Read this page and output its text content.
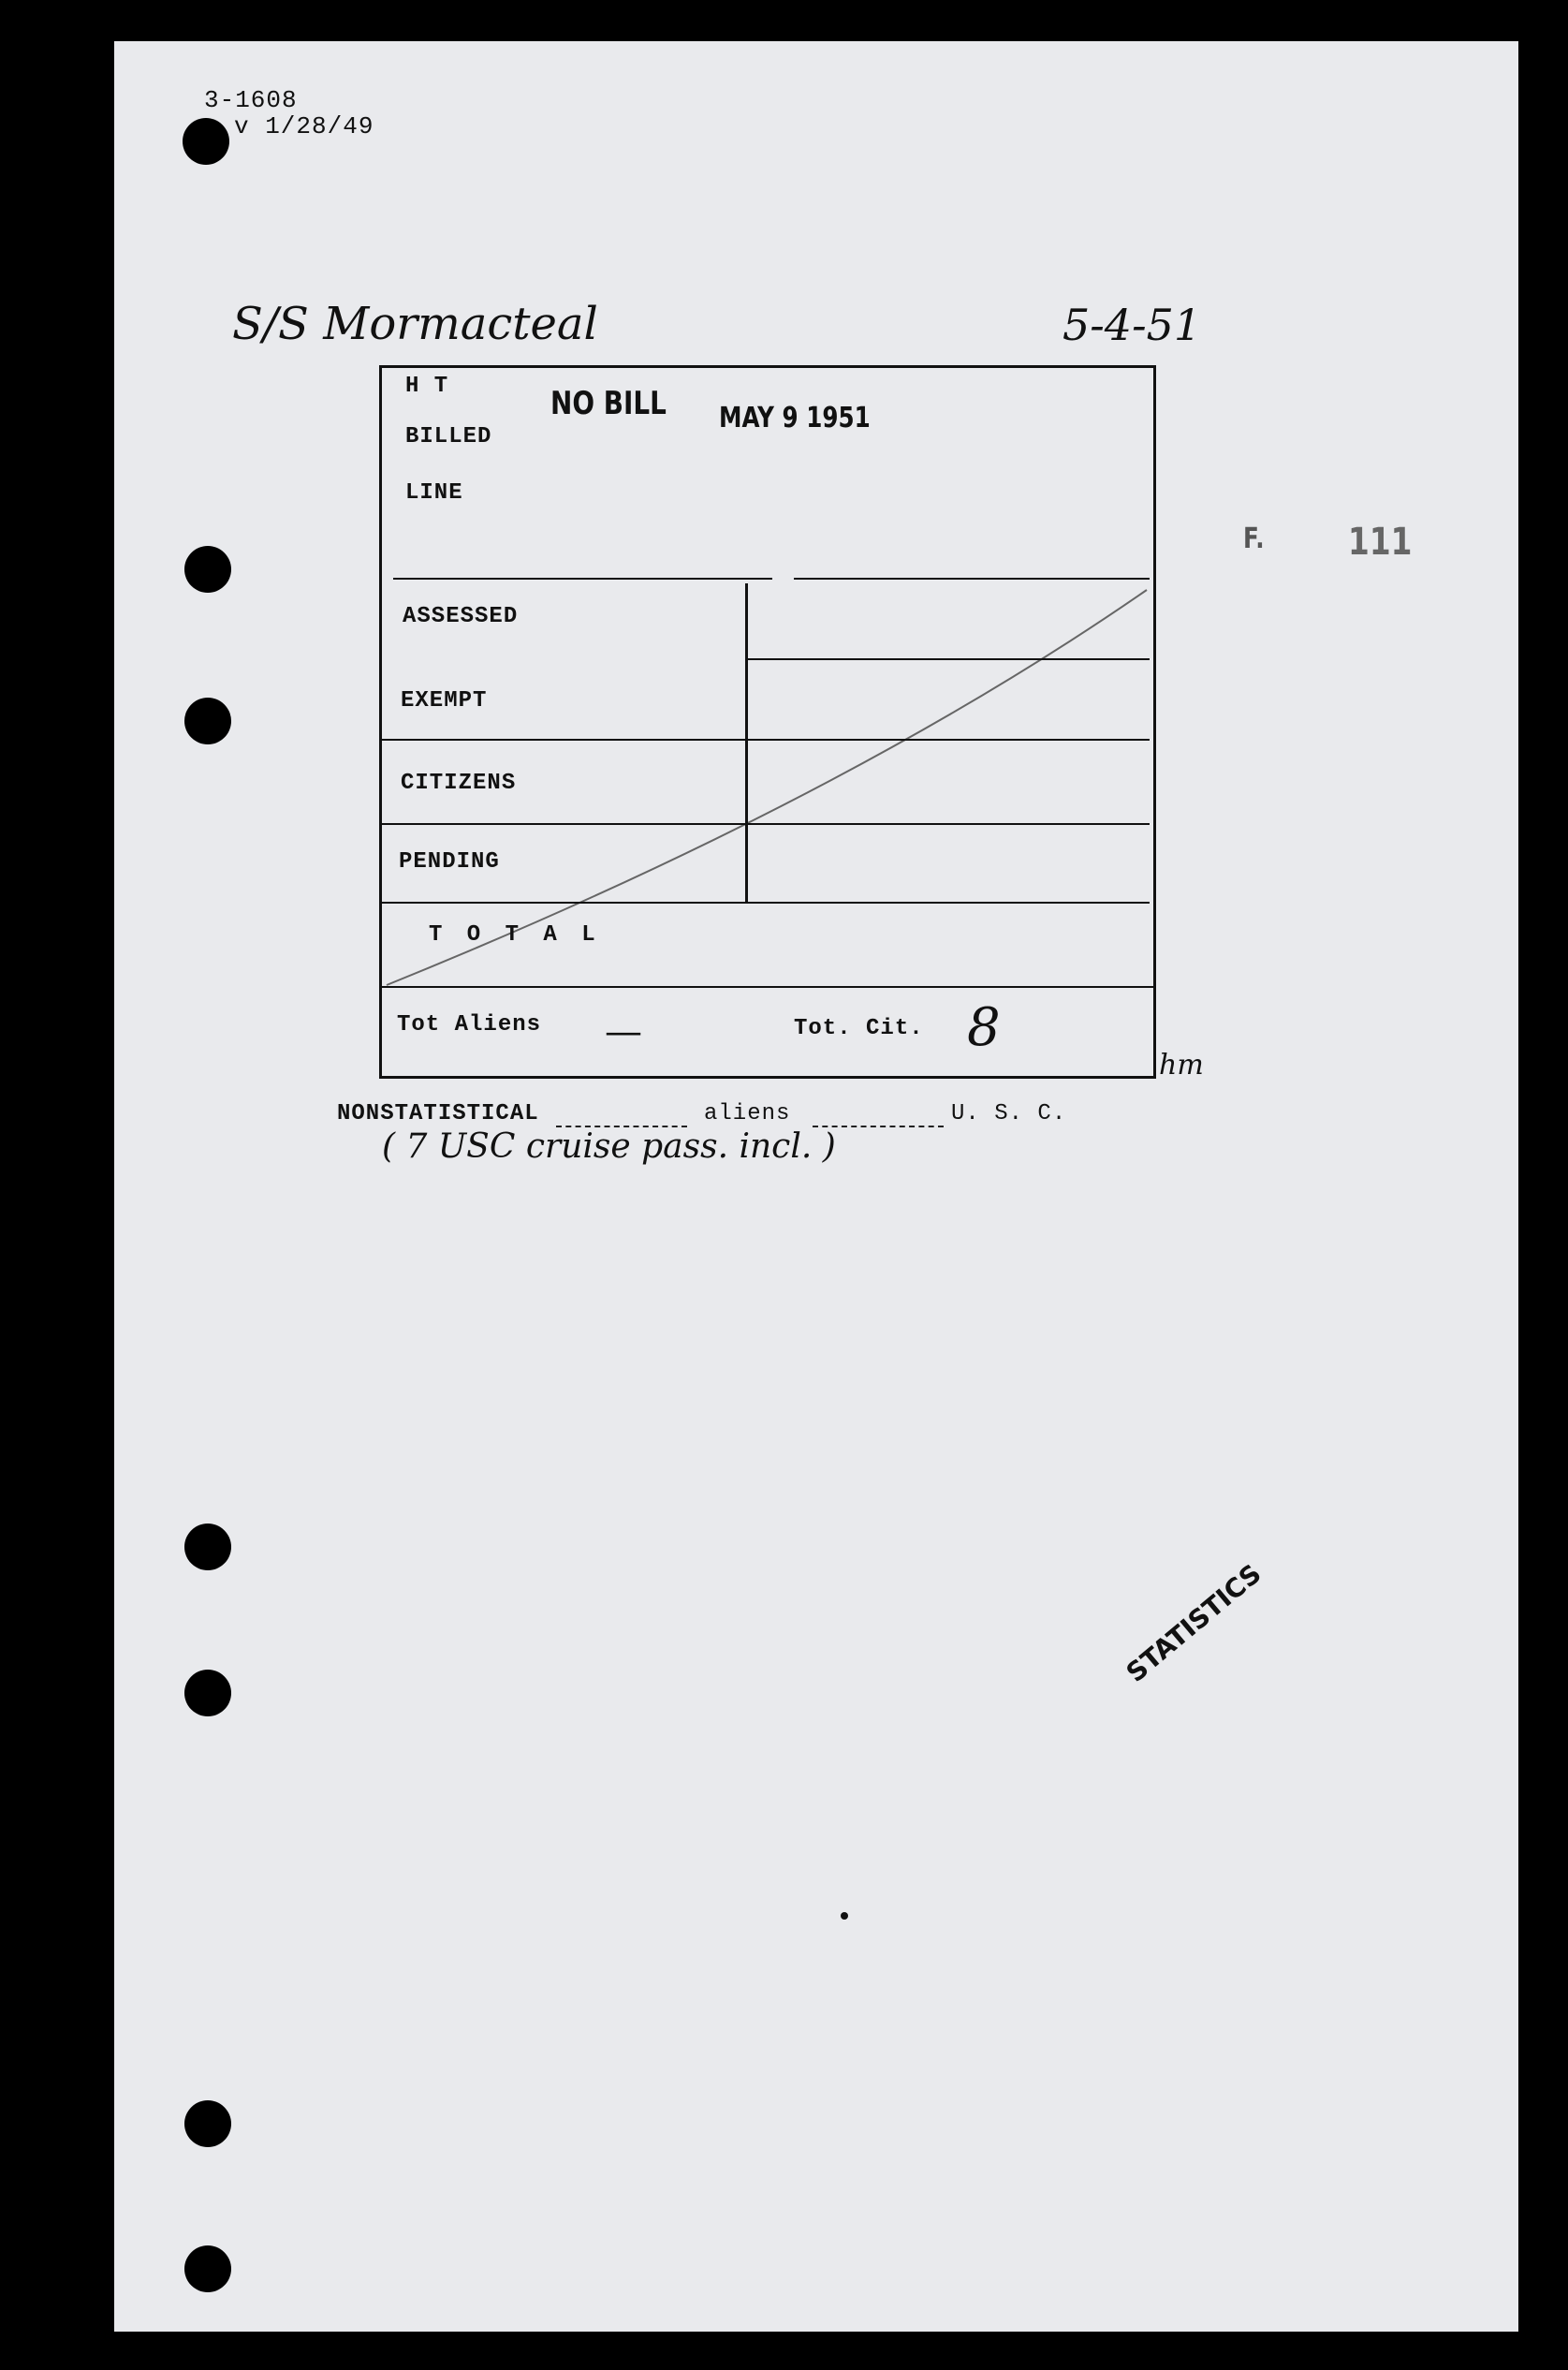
3-1608
v 1/28/49
S/S Mormacteal	5-4-51
F. 111
H T	NO BILL MAY 9 1951
BILLED
LINE
ASSESSED
EXEMPT
CITIZENS
PENDING
T O T A L
Tot Aliens —	Tot. Cit. 8
hm
NONSTATISTICAL	aliens	U. S. C.
( 7 USC cruise pass. incl. )
STATISTICS
